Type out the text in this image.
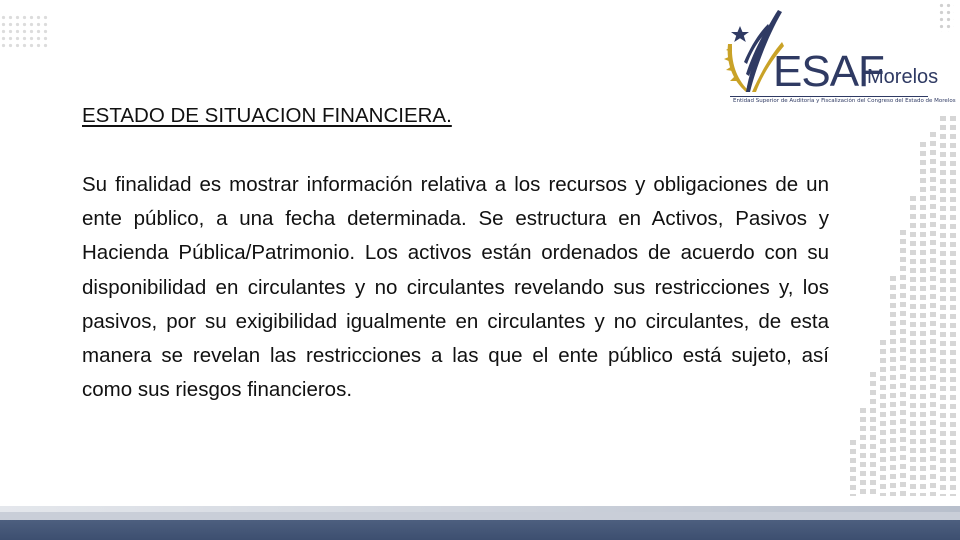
ESAF
Morelos
Entidad Superior de Auditoría y Fiscalización del Congreso del Estado de Morelos
ESTADO DE SITUACION FINANCIERA.

Su finalidad es mostrar información relativa a los recursos y obligaciones de un ente público, a una fecha determinada. Se estructura en Activos, Pasivos y Hacienda Pública/Patrimonio. Los activos están ordenados de acuerdo con su disponibilidad en circulantes y no circulantes revelando sus restricciones y, los pasivos, por su exigibilidad igualmente en circulantes y no circulantes, de esta manera se revelan las restricciones a las que el ente público está sujeto, así como sus riesgos financieros.
